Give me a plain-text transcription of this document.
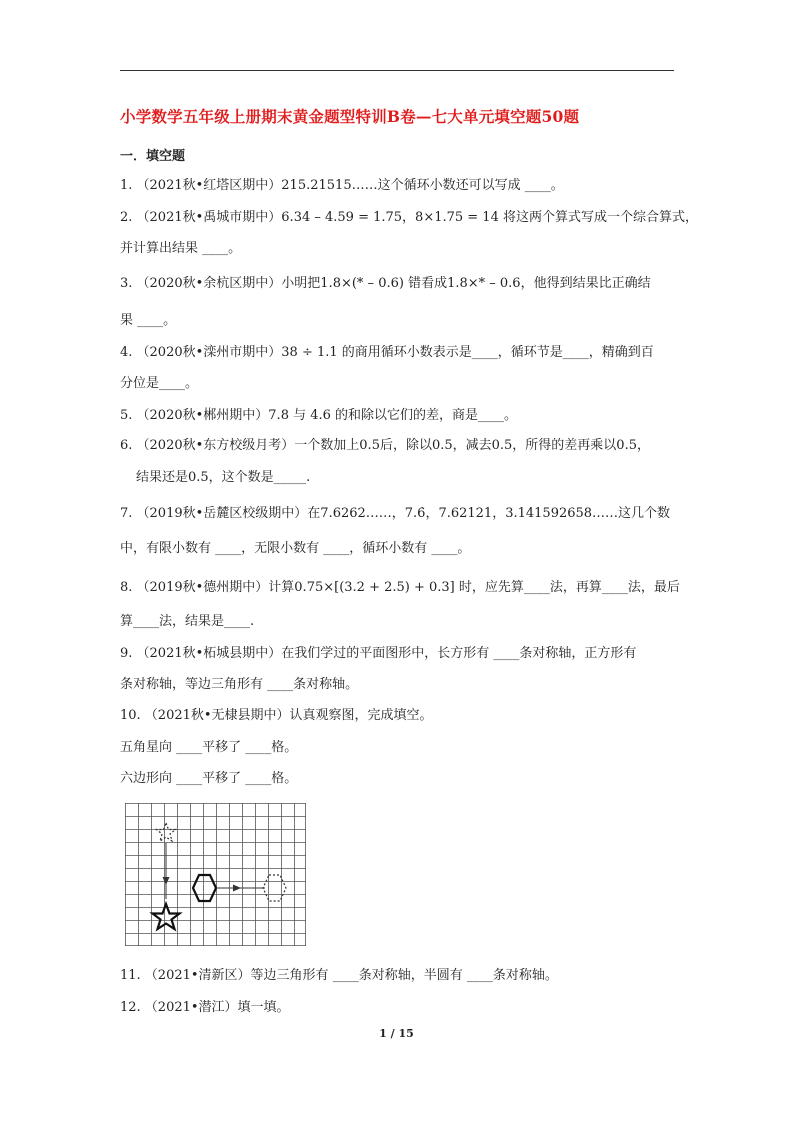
小学数学五年级上册期末黄金题型特训B卷—七大单元填空题50题
一．填空题
1. （2021秋•红塔区期中）215.21515……这个循环小数还可以写成 ____。
2. （2021秋•禹城市期中）6.34 – 4.59 = 1.75，8×1.75 = 14 将这两个算式写成一个综合算式，
并计算出结果 ____。
3. （2020秋•余杭区期中）小明把1.8×(* – 0.6) 错看成1.8×* – 0.6，他得到结果比正确结
果 ____。
4. （2020秋•滦州市期中）38 ÷ 1.1 的商用循环小数表示是____，循环节是____，精确到百
分位是____。
5. （2020秋•郴州期中）7.8 与 4.6 的和除以它们的差，商是____。
6. （2020秋•东方校级月考）一个数加上0.5后，除以0.5，减去0.5，所得的差再乘以0.5，
结果还是0.5，这个数是_____.
7. （2019秋•岳麓区校级期中）在7.6262……，7.6̇，7.62121，3.141592658……这几个数
中，有限小数有 ____，无限小数有 ____，循环小数有 ____。
8. （2019秋•德州期中）计算0.75×[(3.2 + 2.5) + 0.3] 时，应先算____法，再算____法，最后
算____法，结果是____.
9. （2021秋•柘城县期中）在我们学过的平面图形中，长方形有 ____条对称轴，正方形有
条对称轴，等边三角形有 ____条对称轴。
10. （2021秋•无棣县期中）认真观察图，完成填空。
五角星向 ____平移了 ____格。
六边形向 ____平移了 ____格。
11. （2021•清新区）等边三角形有 ____条对称轴，半圆有 ____条对称轴。
12. （2021•潜江）填一填。
1 / 15
